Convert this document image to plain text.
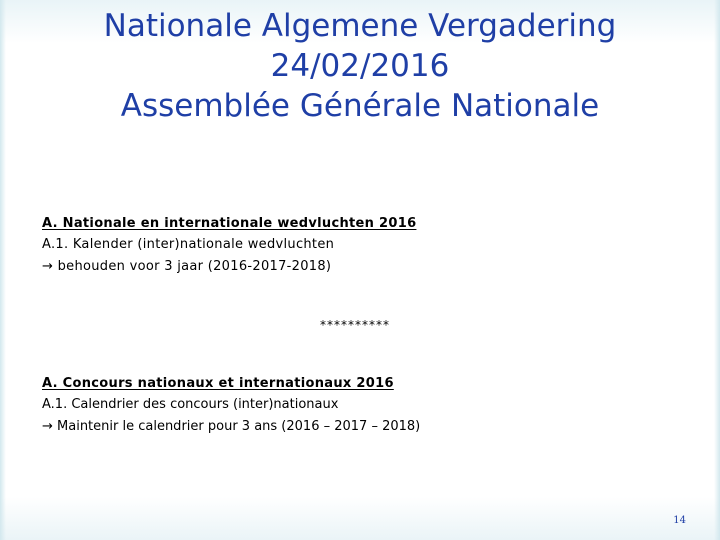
Nationale Algemene Vergadering
24/02/2016
Assemblée Générale Nationale
A. Nationale en internationale wedvluchten 2016
A.1. Kalender (inter)nationale wedvluchten
→ behouden voor 3 jaar (2016-2017-2018)
**********
A. Concours nationaux et internationaux 2016
A.1. Calendrier des concours (inter)nationaux
→ Maintenir le calendrier pour 3 ans (2016 – 2017 – 2018)
14
